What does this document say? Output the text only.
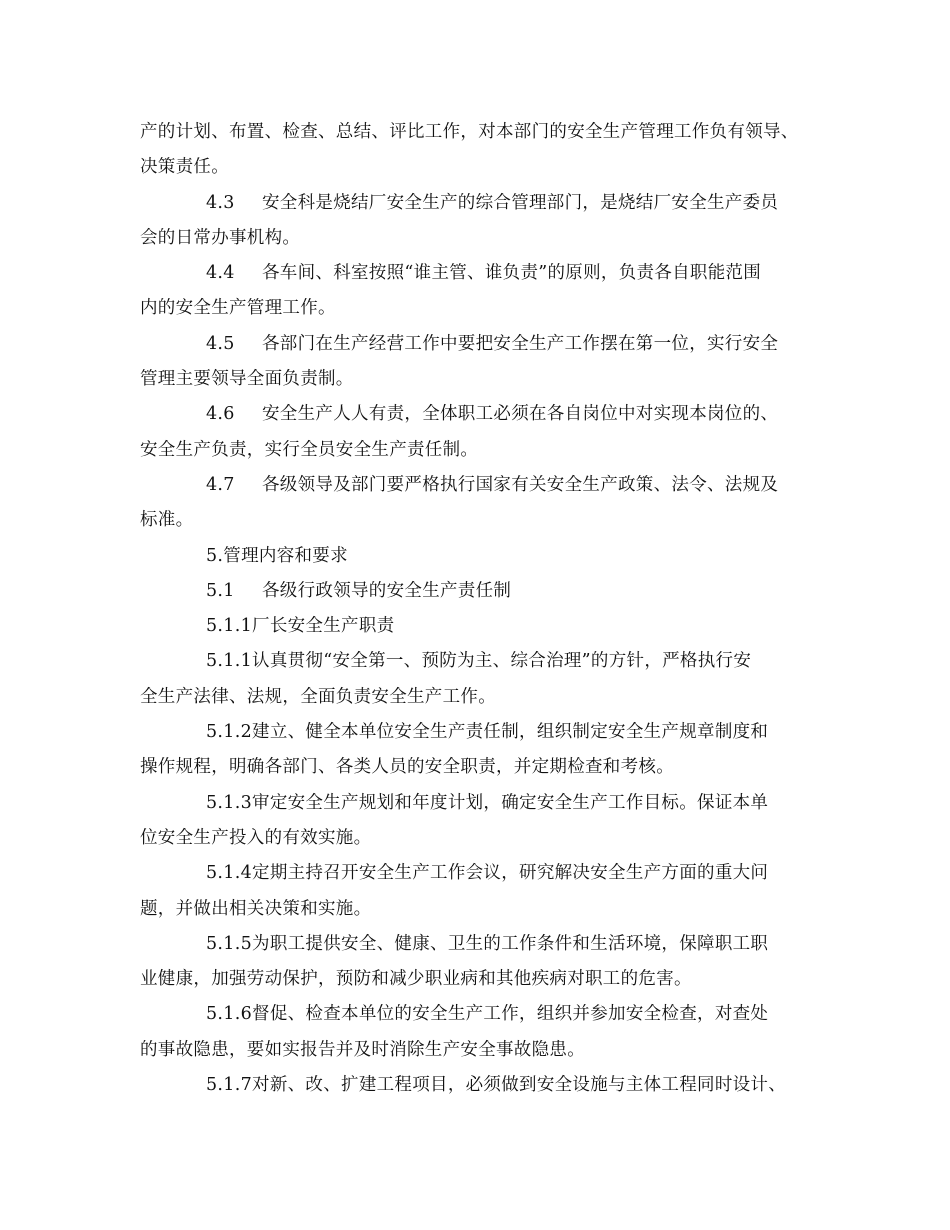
产的计划、布置、检查、总结、评比工作，对本部门的安全生产管理工作负有领导、
决策责任。
4.3 安全科是烧结厂安全生产的综合管理部门，是烧结厂安全生产委员
会的日常办事机构。
4.4 各车间、科室按照“谁主管、谁负责”的原则，负责各自职能范围
内的安全生产管理工作。
4.5 各部门在生产经营工作中要把安全生产工作摆在第一位，实行安全
管理主要领导全面负责制。
4.6 安全生产人人有责，全体职工必须在各自岗位中对实现本岗位的、
安全生产负责，实行全员安全生产责任制。
4.7 各级领导及部门要严格执行国家有关安全生产政策、法令、法规及
标准。
5.管理内容和要求
5.1 各级行政领导的安全生产责任制
5.1.1厂长安全生产职责
5.1.1认真贯彻“安全第一、预防为主、综合治理”的方针，严格执行安
全生产法律、法规，全面负责安全生产工作。
5.1.2建立、健全本单位安全生产责任制，组织制定安全生产规章制度和
操作规程，明确各部门、各类人员的安全职责，并定期检查和考核。
5.1.3审定安全生产规划和年度计划，确定安全生产工作目标。保证本单
位安全生产投入的有效实施。
5.1.4定期主持召开安全生产工作会议，研究解决安全生产方面的重大问
题，并做出相关决策和实施。
5.1.5为职工提供安全、健康、卫生的工作条件和生活环境，保障职工职
业健康，加强劳动保护，预防和减少职业病和其他疾病对职工的危害。
5.1.6督促、检查本单位的安全生产工作，组织并参加安全检查，对查处
的事故隐患，要如实报告并及时消除生产安全事故隐患。
5.1.7对新、改、扩建工程项目，必须做到安全设施与主体工程同时设计、
